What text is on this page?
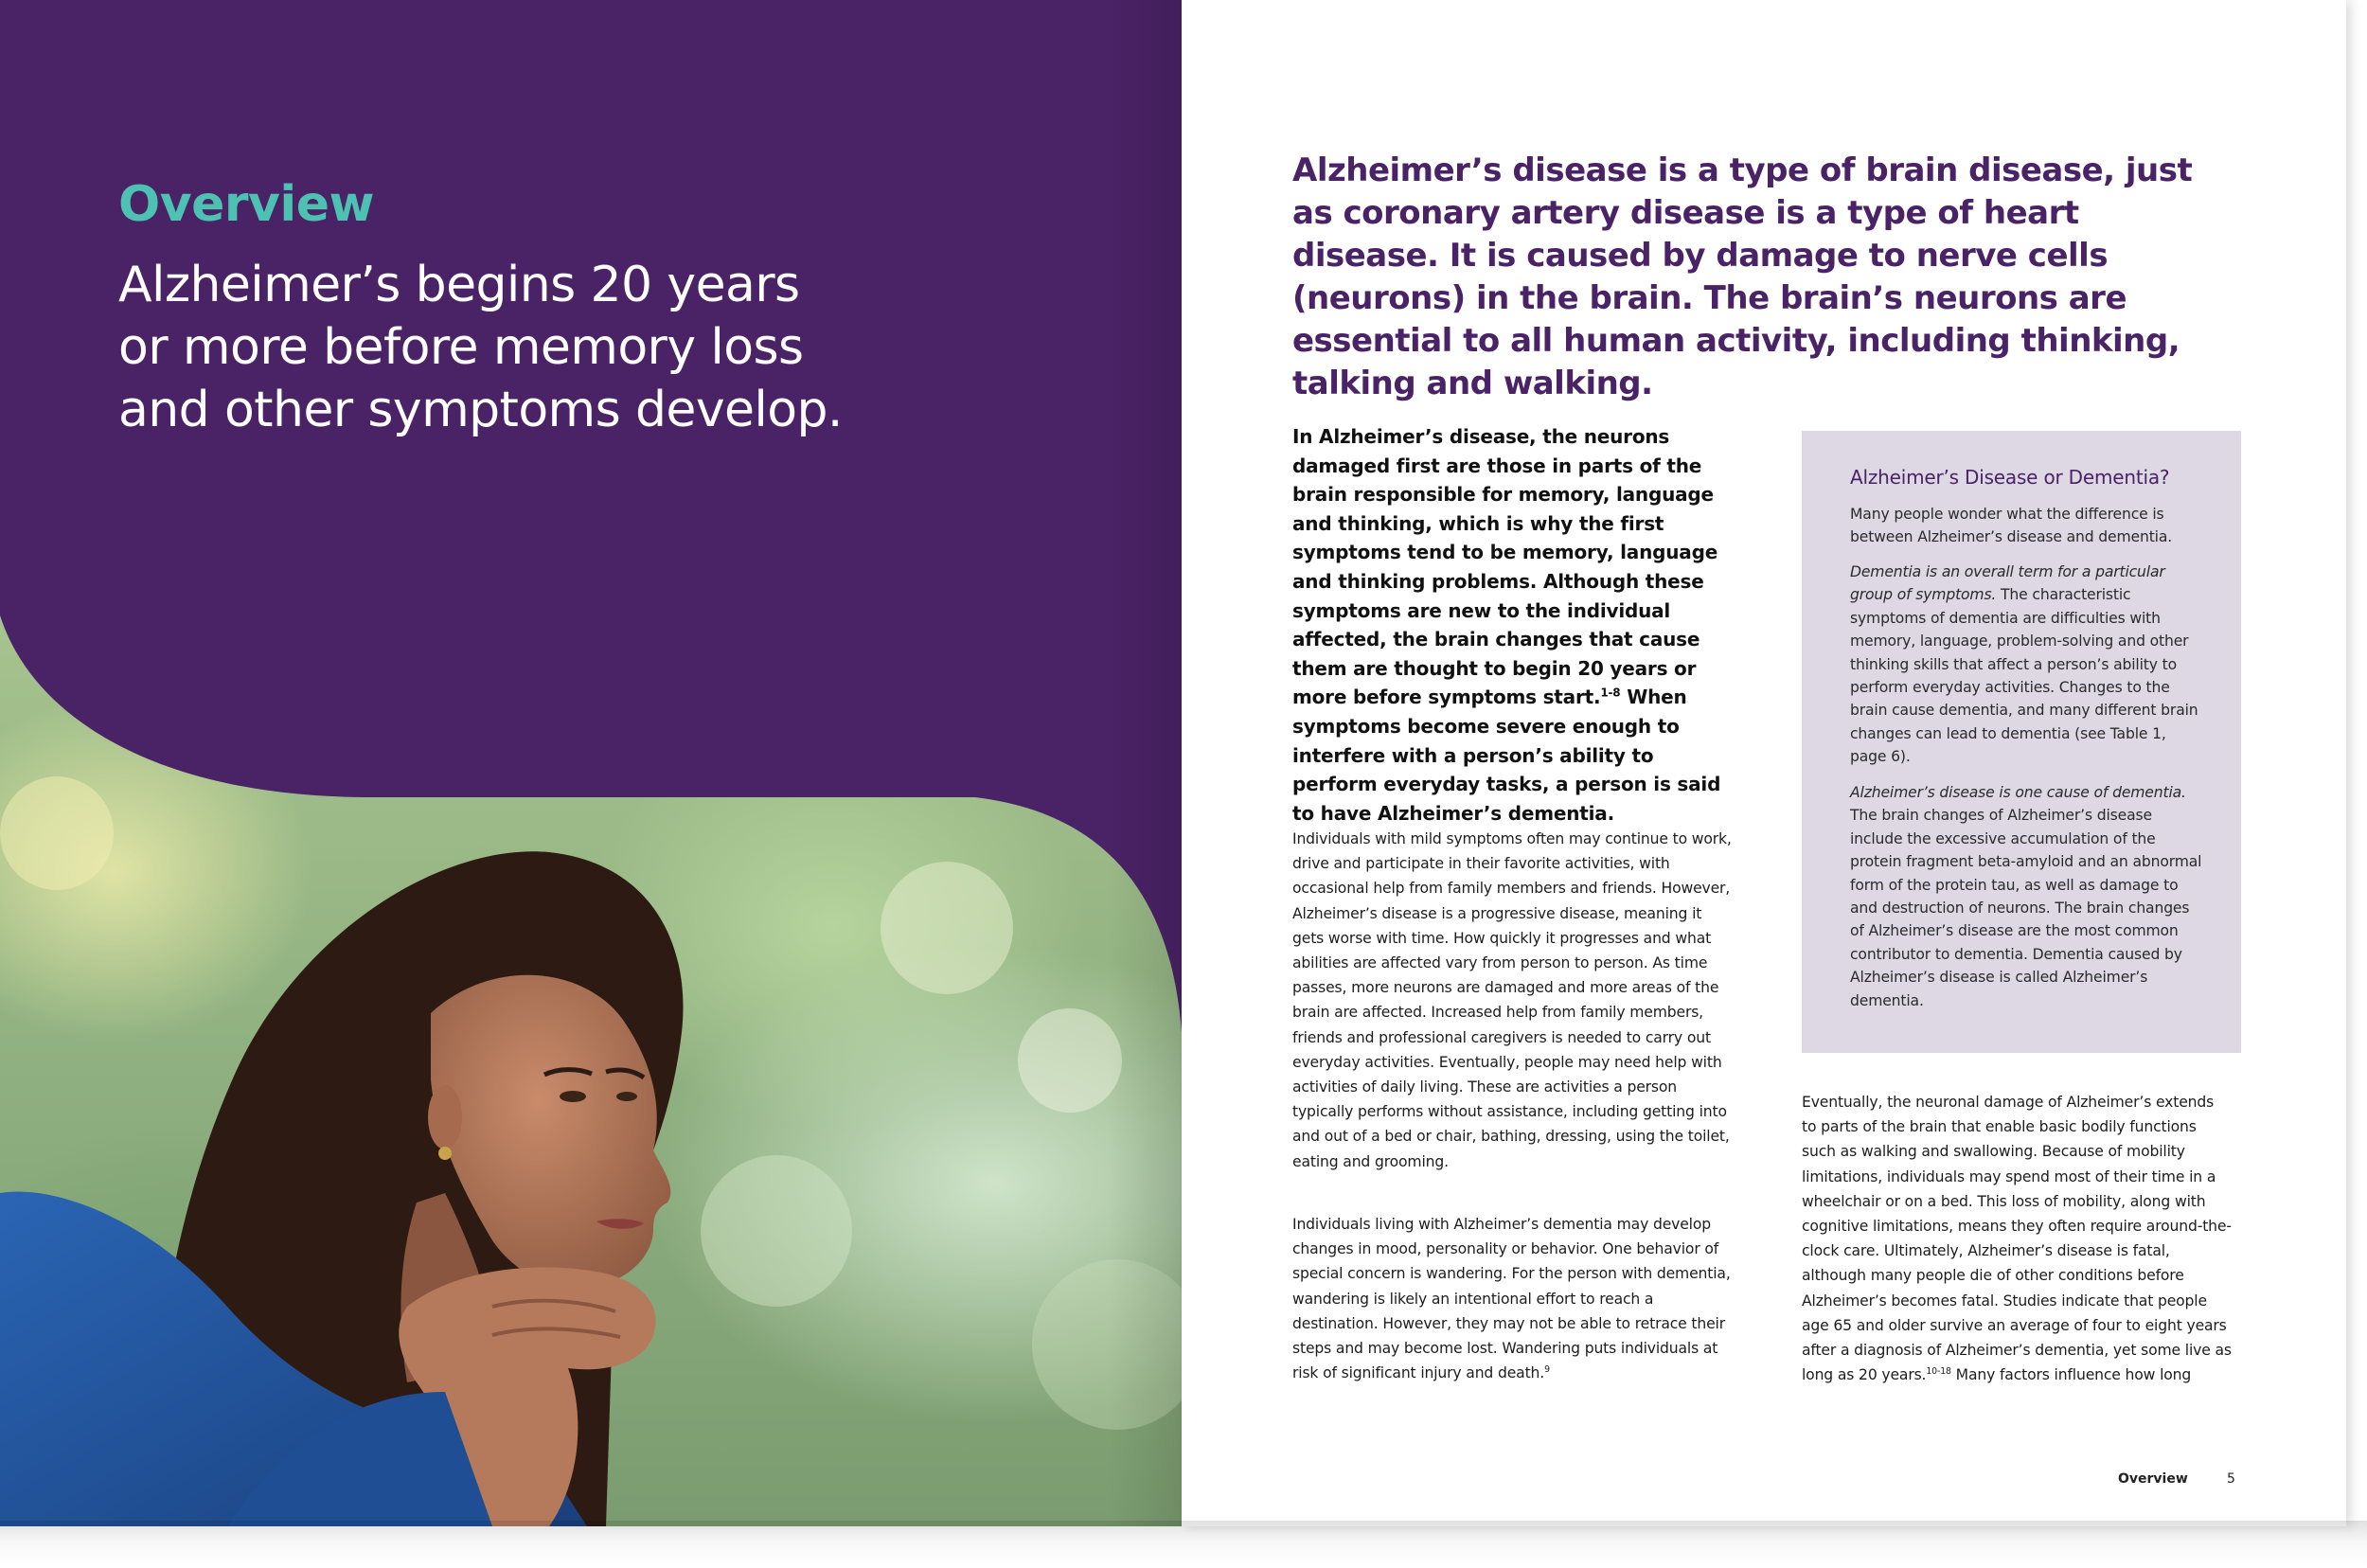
Overview
Alzheimer’s begins 20 years or more before memory loss and other symptoms develop.

Alzheimer’s disease is a type of brain disease, just as coronary artery disease is a type of heart disease. It is caused by damage to nerve cells (neurons) in the brain. The brain’s neurons are essential to all human activity, including thinking, talking and walking.

In Alzheimer’s disease, the neurons damaged first are those in parts of the brain responsible for memory, language and thinking, which is why the first symptoms tend to be memory, language and thinking problems. Although these symptoms are new to the individual affected, the brain changes that cause them are thought to begin 20 years or more before symptoms start.$^{1-8}$ When symptoms become severe enough to interfere with a person’s ability to perform everyday tasks, a person is said to have Alzheimer’s dementia.

Individuals with mild symptoms often may continue to work, drive and participate in their favorite activities, with occasional help from family members and friends. However, Alzheimer’s disease is a progressive disease, meaning it gets worse with time. How quickly it progresses and what abilities are affected vary from person to person. As time passes, more neurons are damaged and more areas of the brain are affected. Increased help from family members, friends and professional caregivers is needed to carry out everyday activities. Eventually, people may need help with activities of daily living. These are activities a person typically performs without assistance, including getting into and out of a bed or chair, bathing, dressing, using the toilet, eating and grooming.

Individuals living with Alzheimer’s dementia may develop changes in mood, personality or behavior. One behavior of special concern is wandering. For the person with dementia, wandering is likely an intentional effort to reach a destination. However, they may not be able to retrace their steps and may become lost. Wandering puts individuals at risk of significant injury and death.$^9$

Alzheimer’s Disease or Dementia?

Many people wonder what the difference is between Alzheimer’s disease and dementia.

Dementia is an overall term for a particular group of symptoms. The characteristic symptoms of dementia are difficulties with memory, language, problem-solving and other thinking skills that affect a person’s ability to perform everyday activities. Changes to the brain cause dementia, and many different brain changes can lead to dementia (see Table 1, page 6).

Alzheimer’s disease is one cause of dementia. The brain changes of Alzheimer’s disease include the excessive accumulation of the protein fragment beta-amyloid and an abnormal form of the protein tau, as well as damage to and destruction of neurons. The brain changes of Alzheimer’s disease are the most common contributor to dementia. Dementia caused by Alzheimer’s disease is called Alzheimer’s dementia.

Eventually, the neuronal damage of Alzheimer’s extends to parts of the brain that enable basic bodily functions such as walking and swallowing. Because of mobility limitations, individuals may spend most of their time in a wheelchair or on a bed. This loss of mobility, along with cognitive limitations, means they often require around-the-clock care. Ultimately, Alzheimer’s disease is fatal, although many people die of other conditions before Alzheimer’s becomes fatal. Studies indicate that people age 65 and older survive an average of four to eight years after a diagnosis of Alzheimer’s dementia, yet some live as long as 20 years.$^{10-18}$ Many factors influence how long

Overview	5
